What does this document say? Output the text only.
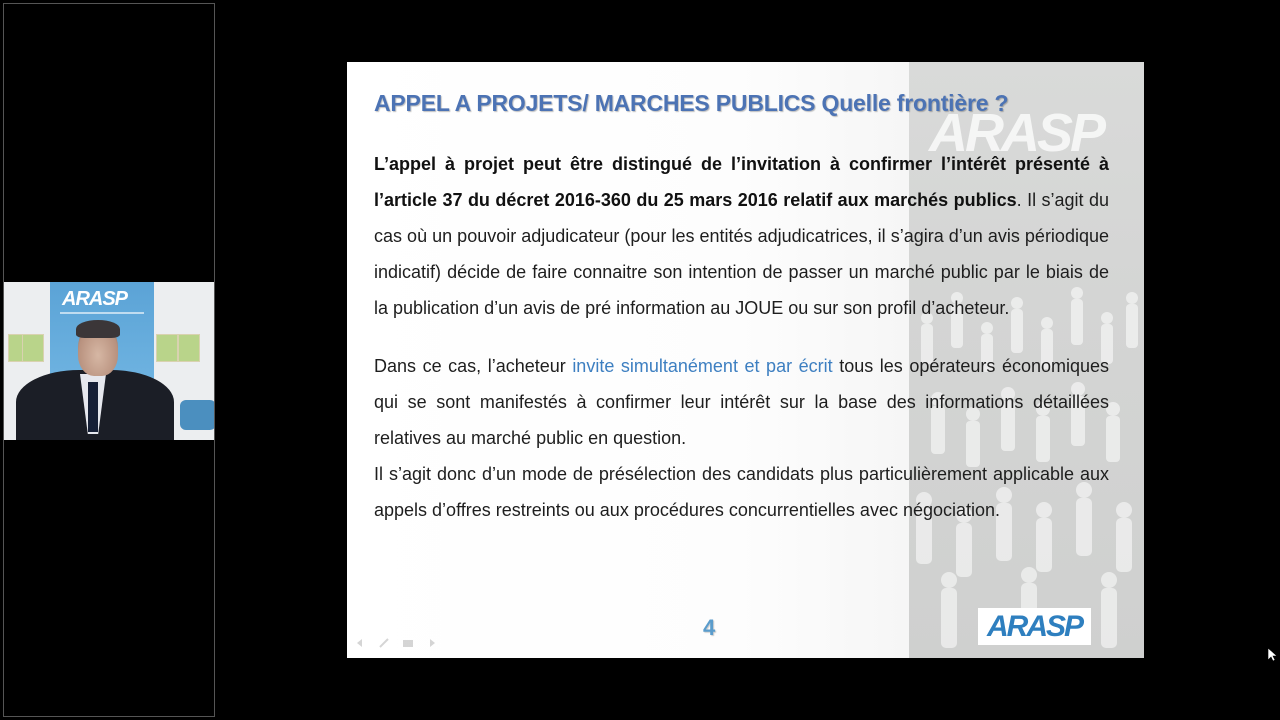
ARASP
ARASP
APPEL A PROJETS/ MARCHES PUBLICS Quelle frontière ?

L’appel à projet peut être distingué de l’invitation à confirmer l’intérêt présenté à l’article 37 du décret 2016-360 du 25 mars 2016 relatif aux marchés publics. Il s’agit du cas où un pouvoir adjudicateur (pour les entités adjudicatrices, il s’agira d’un avis périodique indicatif) décide de faire connaitre son intention de passer un marché public par le biais de la publication d’un avis de pré information au JOUE ou sur son profil d’acheteur.

Dans ce cas, l’acheteur invite simultanément et par écrit tous les opérateurs économiques qui se sont manifestés à confirmer leur intérêt sur la base des informations détaillées relatives au marché public en question.

Il s’agit donc d’un mode de présélection des candidats plus particulièrement applicable aux appels d’offres restreints ou aux procédures concurrentielles avec négociation.

4	ARASP
